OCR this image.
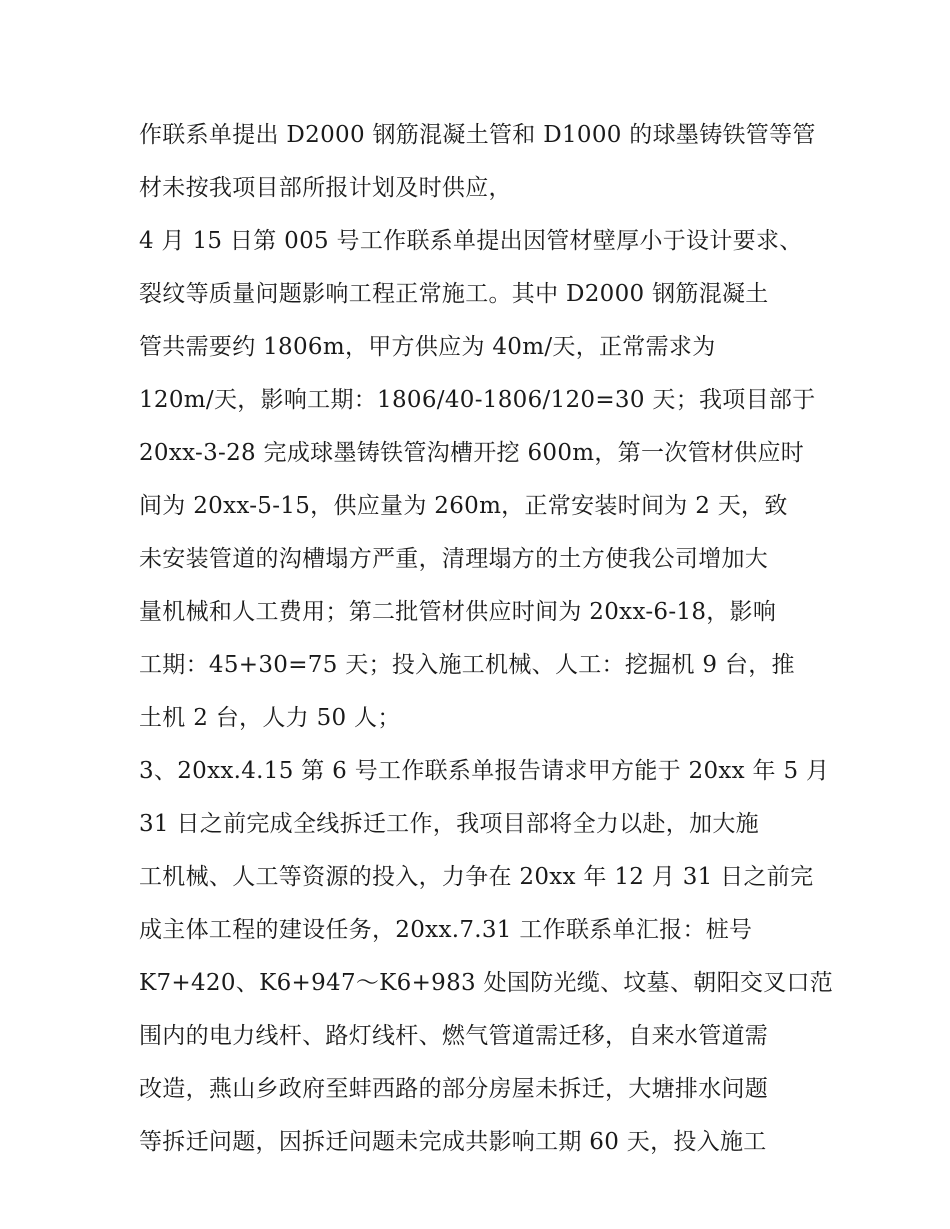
作联系单提出 D2000 钢筋混凝土管和 D1000 的球墨铸铁管等管
材未按我项目部所报计划及时供应，
4 月 15 日第 005 号工作联系单提出因管材壁厚小于设计要求、
裂纹等质量问题影响工程正常施工。其中 D2000 钢筋混凝土
管共需要约 1806m，甲方供应为 40m/天，正常需求为
120m/天，影响工期：1806/40-1806/120=30 天；我项目部于
20xx-3-28 完成球墨铸铁管沟槽开挖 600m，第一次管材供应时
间为 20xx-5-15，供应量为 260m，正常安装时间为 2 天，致
未安装管道的沟槽塌方严重，清理塌方的土方使我公司增加大
量机械和人工费用；第二批管材供应时间为 20xx-6-18，影响
工期：45+30=75 天；投入施工机械、人工：挖掘机 9 台，推
土机 2 台，人力 50 人；
3、20xx.4.15 第 6 号工作联系单报告请求甲方能于 20xx 年 5 月
31 日之前完成全线拆迁工作，我项目部将全力以赴，加大施
工机械、人工等资源的投入，力争在 20xx 年 12 月 31 日之前完
成主体工程的建设任务，20xx.7.31 工作联系单汇报：桩号
K7+420、K6+947～K6+983 处国防光缆、坟墓、朝阳交叉口范
围内的电力线杆、路灯线杆、燃气管道需迁移，自来水管道需
改造，燕山乡政府至蚌西路的部分房屋未拆迁，大塘排水问题
等拆迁问题，因拆迁问题未完成共影响工期 60 天，投入施工
